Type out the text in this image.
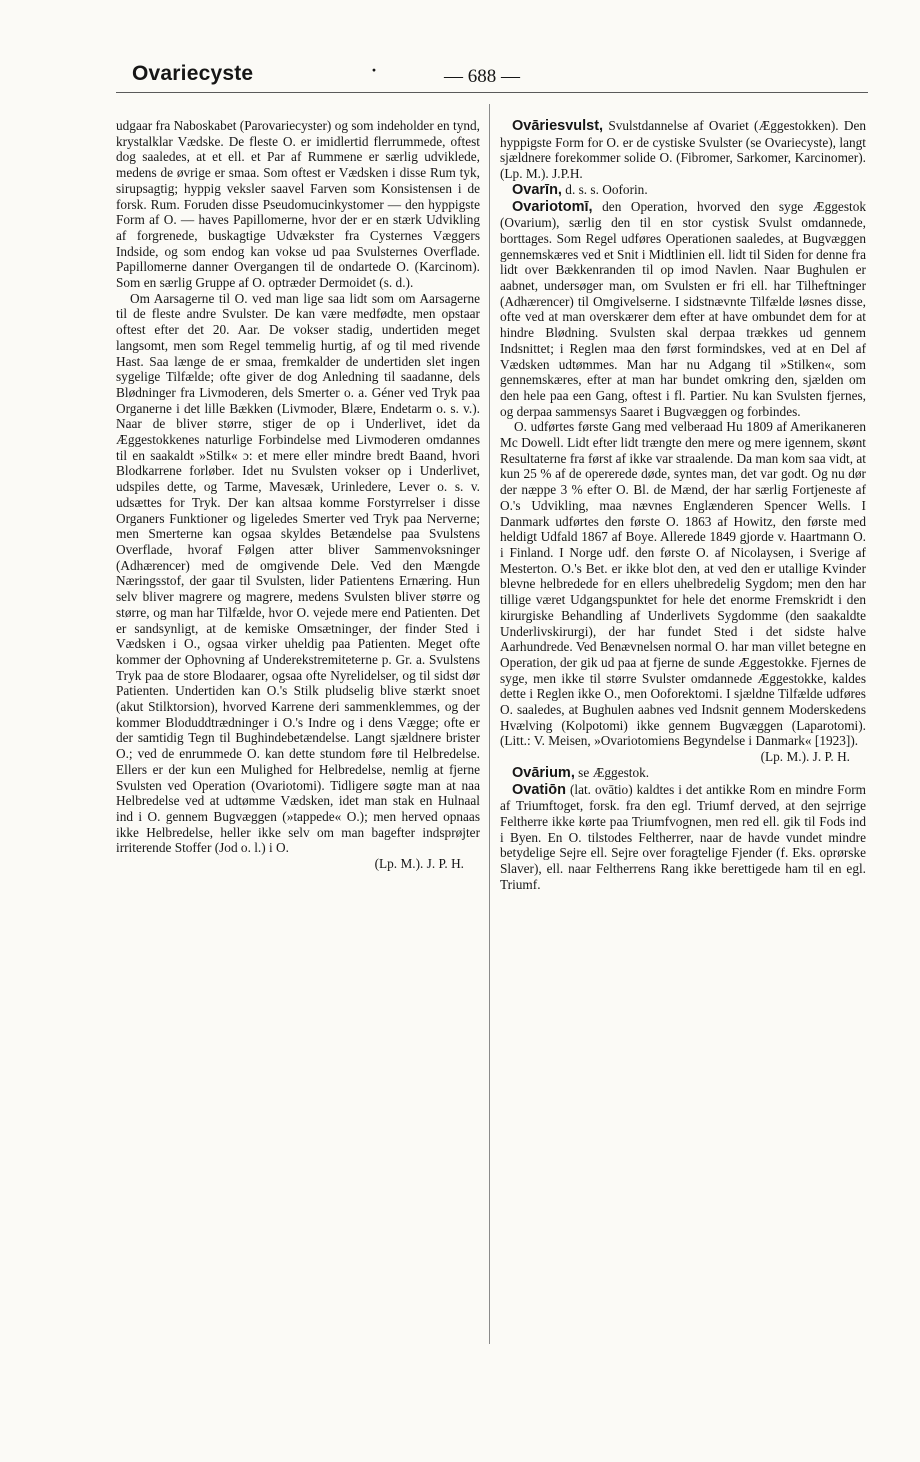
Ovariecyste	·	— 688 —

udgaar fra Naboskabet (Parovariecyster) og som indeholder en tynd, krystalklar Vædske. De fleste O. er imidlertid flerrummede, oftest dog saaledes, at et ell. et Par af Rummene er særlig udviklede, medens de øvrige er smaa. Som oftest er Vædsken i disse Rum tyk, sirupsagtig; hyppig veksler saavel Farven som Konsistensen i de forsk. Rum. Foruden disse Pseudomucinkystomer — den hyppigste Form af O. — haves Papillomerne, hvor der er en stærk Udvikling af forgrenede, buskagtige Udvækster fra Cysternes Væggers Indside, og som endog kan vokse ud paa Svulsternes Overflade. Papillomerne danner Overgangen til de ondartede O. (Karcinom). Som en særlig Gruppe af O. optræder Dermoidet (s. d.).

Om Aarsagerne til O. ved man lige saa lidt som om Aarsagerne til de fleste andre Svulster. De kan være medfødte, men opstaar oftest efter det 20. Aar. De vokser stadig, undertiden meget langsomt, men som Regel temmelig hurtig, af og til med rivende Hast. Saa længe de er smaa, fremkalder de undertiden slet ingen sygelige Tilfælde; ofte giver de dog Anledning til saadanne, dels Blødninger fra Livmoderen, dels Smerter o. a. Géner ved Tryk paa Organerne i det lille Bækken (Livmoder, Blære, Endetarm o. s. v.). Naar de bliver større, stiger de op i Underlivet, idet da Æggestokkenes naturlige Forbindelse med Livmoderen omdannes til en saakaldt »Stilk« ɔ: et mere eller mindre bredt Baand, hvori Blodkarrene forløber. Idet nu Svulsten vokser op i Underlivet, udspiles dette, og Tarme, Mavesæk, Urinledere, Lever o. s. v. udsættes for Tryk. Der kan altsaa komme Forstyrrelser i disse Organers Funktioner og ligeledes Smerter ved Tryk paa Nerverne; men Smerterne kan ogsaa skyldes Betændelse paa Svulstens Overflade, hvoraf Følgen atter bliver Sammenvoksninger (Adhærencer) med de omgivende Dele. Ved den Mængde Næringsstof, der gaar til Svulsten, lider Patientens Ernæring. Hun selv bliver magrere og magrere, medens Svulsten bliver større og større, og man har Tilfælde, hvor O. vejede mere end Patienten. Det er sandsynligt, at de kemiske Omsætninger, der finder Sted i Vædsken i O., ogsaa virker uheldig paa Patienten. Meget ofte kommer der Ophovning af Underekstremiteterne p. Gr. a. Svulstens Tryk paa de store Blodaarer, ogsaa ofte Nyrelidelser, og til sidst dør Patienten. Undertiden kan O.'s Stilk pludselig blive stærkt snoet (akut Stilktorsion), hvorved Karrene deri sammenklemmes, og der kommer Bloduddtrædninger i O.'s Indre og i dens Vægge; ofte er der samtidig Tegn til Bughindebetændelse. Langt sjældnere brister O.; ved de enrummede O. kan dette stundom føre til Helbredelse. Ellers er der kun een Mulighed for Helbredelse, nemlig at fjerne Svulsten ved Operation (Ovariotomi). Tidligere søgte man at naa Helbredelse ved at udtømme Vædsken, idet man stak en Hulnaal ind i O. gennem Bugvæggen (»tappede« O.); men herved opnaas ikke Helbredelse, heller ikke selv om man bagefter indsprøjter irriterende Stoffer (Jod o. l.) i O.
(Lp. M.). J. P. H.

Ovāriesvulst, Svulstdannelse af Ovariet (Æggestokken). Den hyppigste Form for O. er de cystiske Svulster (se Ovariecyste), langt sjældnere forekommer solide O. (Fibromer, Sarkomer, Karcinomer). (Lp. M.). J.P.H.

Ovarīn, d. s. s. Ooforin.

Ovariotomī, den Operation, hvorved den syge Æggestok (Ovarium), særlig den til en stor cystisk Svulst omdannede, borttages. Som Regel udføres Operationen saaledes, at Bugvæggen gennemskæres ved et Snit i Midtlinien ell. lidt til Siden for denne fra lidt over Bækkenranden til op imod Navlen. Naar Bughulen er aabnet, undersøger man, om Svulsten er fri ell. har Tilheftninger (Adhærencer) til Omgivelserne. I sidstnævnte Tilfælde løsnes disse, ofte ved at man overskærer dem efter at have ombundet dem for at hindre Blødning. Svulsten skal derpaa trækkes ud gennem Indsnittet; i Reglen maa den først formindskes, ved at en Del af Vædsken udtømmes. Man har nu Adgang til »Stilken«, som gennemskæres, efter at man har bundet omkring den, sjælden om den hele paa een Gang, oftest i fl. Partier. Nu kan Svulsten fjernes, og derpaa sammensys Saaret i Bugvæggen og forbindes.

O. udførtes første Gang med velberaad Hu 1809 af Amerikaneren Mc Dowell. Lidt efter lidt trængte den mere og mere igennem, skønt Resultaterne fra først af ikke var straalende. Da man kom saa vidt, at kun 25 % af de opererede døde, syntes man, det var godt. Og nu dør der næppe 3 % efter O. Bl. de Mænd, der har særlig Fortjeneste af O.'s Udvikling, maa nævnes Englænderen Spencer Wells. I Danmark udførtes den første O. 1863 af Howitz, den første med heldigt Udfald 1867 af Boye. Allerede 1849 gjorde v. Haartmann O. i Finland. I Norge udf. den første O. af Nicolaysen, i Sverige af Mesterton. O.'s Bet. er ikke blot den, at ved den er utallige Kvinder blevne helbredede for en ellers uhelbredelig Sygdom; men den har tillige været Udgangspunktet for hele det enorme Fremskridt i den kirurgiske Behandling af Underlivets Sygdomme (den saakaldte Underlivskirurgi), der har fundet Sted i det sidste halve Aarhundrede. Ved Benævnelsen normal O. har man villet betegne en Operation, der gik ud paa at fjerne de sunde Æggestokke. Fjernes de syge, men ikke til større Svulster omdannede Æggestokke, kaldes dette i Reglen ikke O., men Ooforektomi. I sjældne Tilfælde udføres O. saaledes, at Bughulen aabnes ved Indsnit gennem Moderskedens Hvælving (Kolpotomi) ikke gennem Bugvæggen (Laparotomi). (Litt.: V. Meisen, »Ovariotomiens Begyndelse i Danmark« [1923]).
(Lp. M.). J. P. H.

Ovārium, se Æggestok.

Ovatiōn (lat. ovātio) kaldtes i det antikke Rom en mindre Form af Triumftoget, forsk. fra den egl. Triumf derved, at den sejrrige Feltherre ikke kørte paa Triumfvognen, men red ell. gik til Fods ind i Byen. En O. tilstodes Feltherrer, naar de havde vundet mindre betydelige Sejre ell. Sejre over foragtelige Fjender (f. Eks. oprørske Slaver), ell. naar Feltherrens Rang ikke berettigede ham til en egl. Triumf.
